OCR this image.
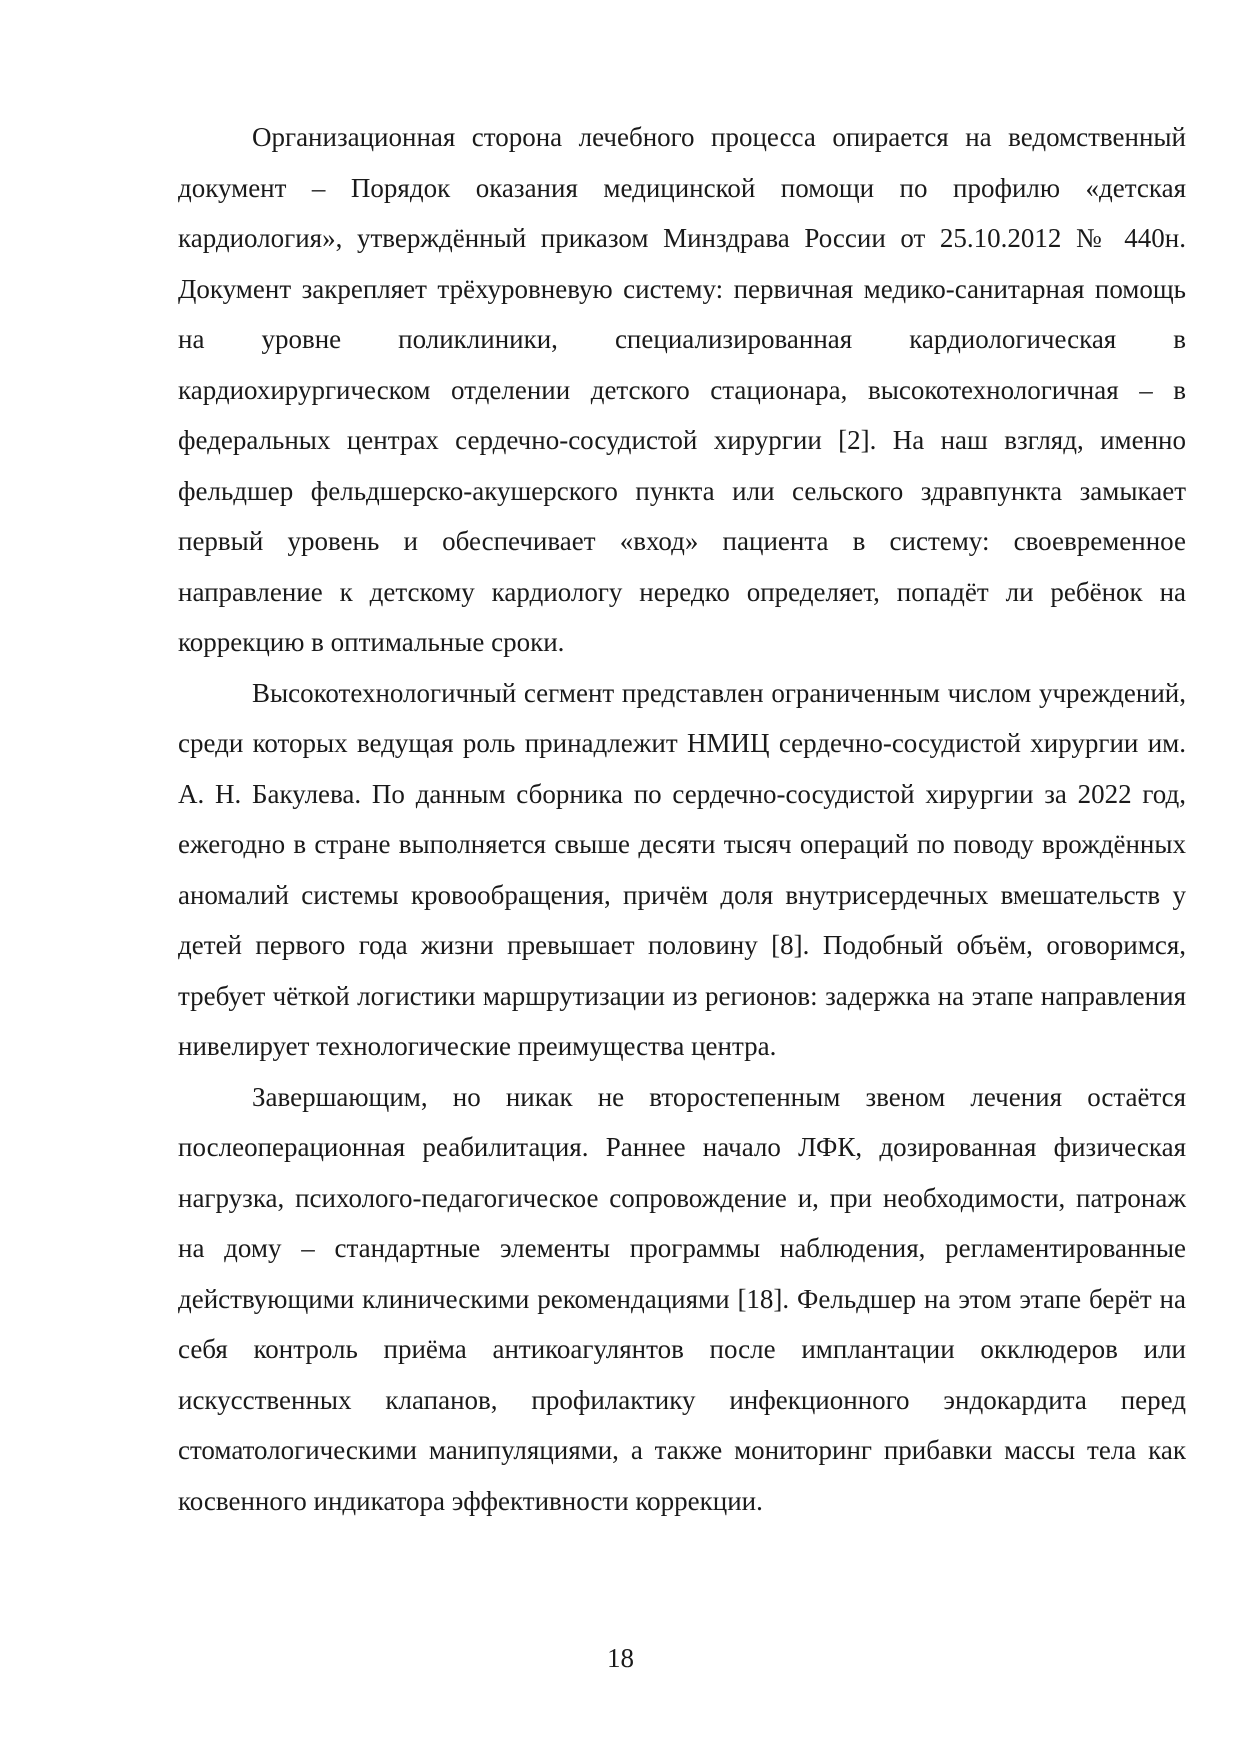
Организационная сторона лечебного процесса опирается на ведомственный документ – Порядок оказания медицинской помощи по профилю «детская кардиология», утверждённый приказом Минздрава России от 25.10.2012 № 440н. Документ закрепляет трёхуровневую систему: первичная медико-санитарная помощь на уровне поликлиники, специализированная кардиологическая в кардиохирургическом отделении детского стационара, высокотехнологичная – в федеральных центрах сердечно-сосудистой хирургии [2]. На наш взгляд, именно фельдшер фельдшерско-акушерского пункта или сельского здравпункта замыкает первый уровень и обеспечивает «вход» пациента в систему: своевременное направление к детскому кардиологу нередко определяет, попадёт ли ребёнок на коррекцию в оптимальные сроки.

Высокотехнологичный сегмент представлен ограниченным числом учреждений, среди которых ведущая роль принадлежит НМИЦ сердечно-сосудистой хирургии им. А. Н. Бакулева. По данным сборника по сердечно-сосудистой хирургии за 2022 год, ежегодно в стране выполняется свыше десяти тысяч операций по поводу врождённых аномалий системы кровообращения, причём доля внутрисердечных вмешательств у детей первого года жизни превышает половину [8]. Подобный объём, оговоримся, требует чёткой логистики маршрутизации из регионов: задержка на этапе направления нивелирует технологические преимущества центра.

Завершающим, но никак не второстепенным звеном лечения остаётся послеоперационная реабилитация. Раннее начало ЛФК, дозированная физическая нагрузка, психолого-педагогическое сопровождение и, при необходимости, патронаж на дому – стандартные элементы программы наблюдения, регламентированные действующими клиническими рекомендациями [18]. Фельдшер на этом этапе берёт на себя контроль приёма антикоагулянтов после имплантации окклюдеров или искусственных клапанов, профилактику инфекционного эндокардита перед стоматологическими манипуляциями, а также мониторинг прибавки массы тела как косвенного индикатора эффективности коррекции.

18
